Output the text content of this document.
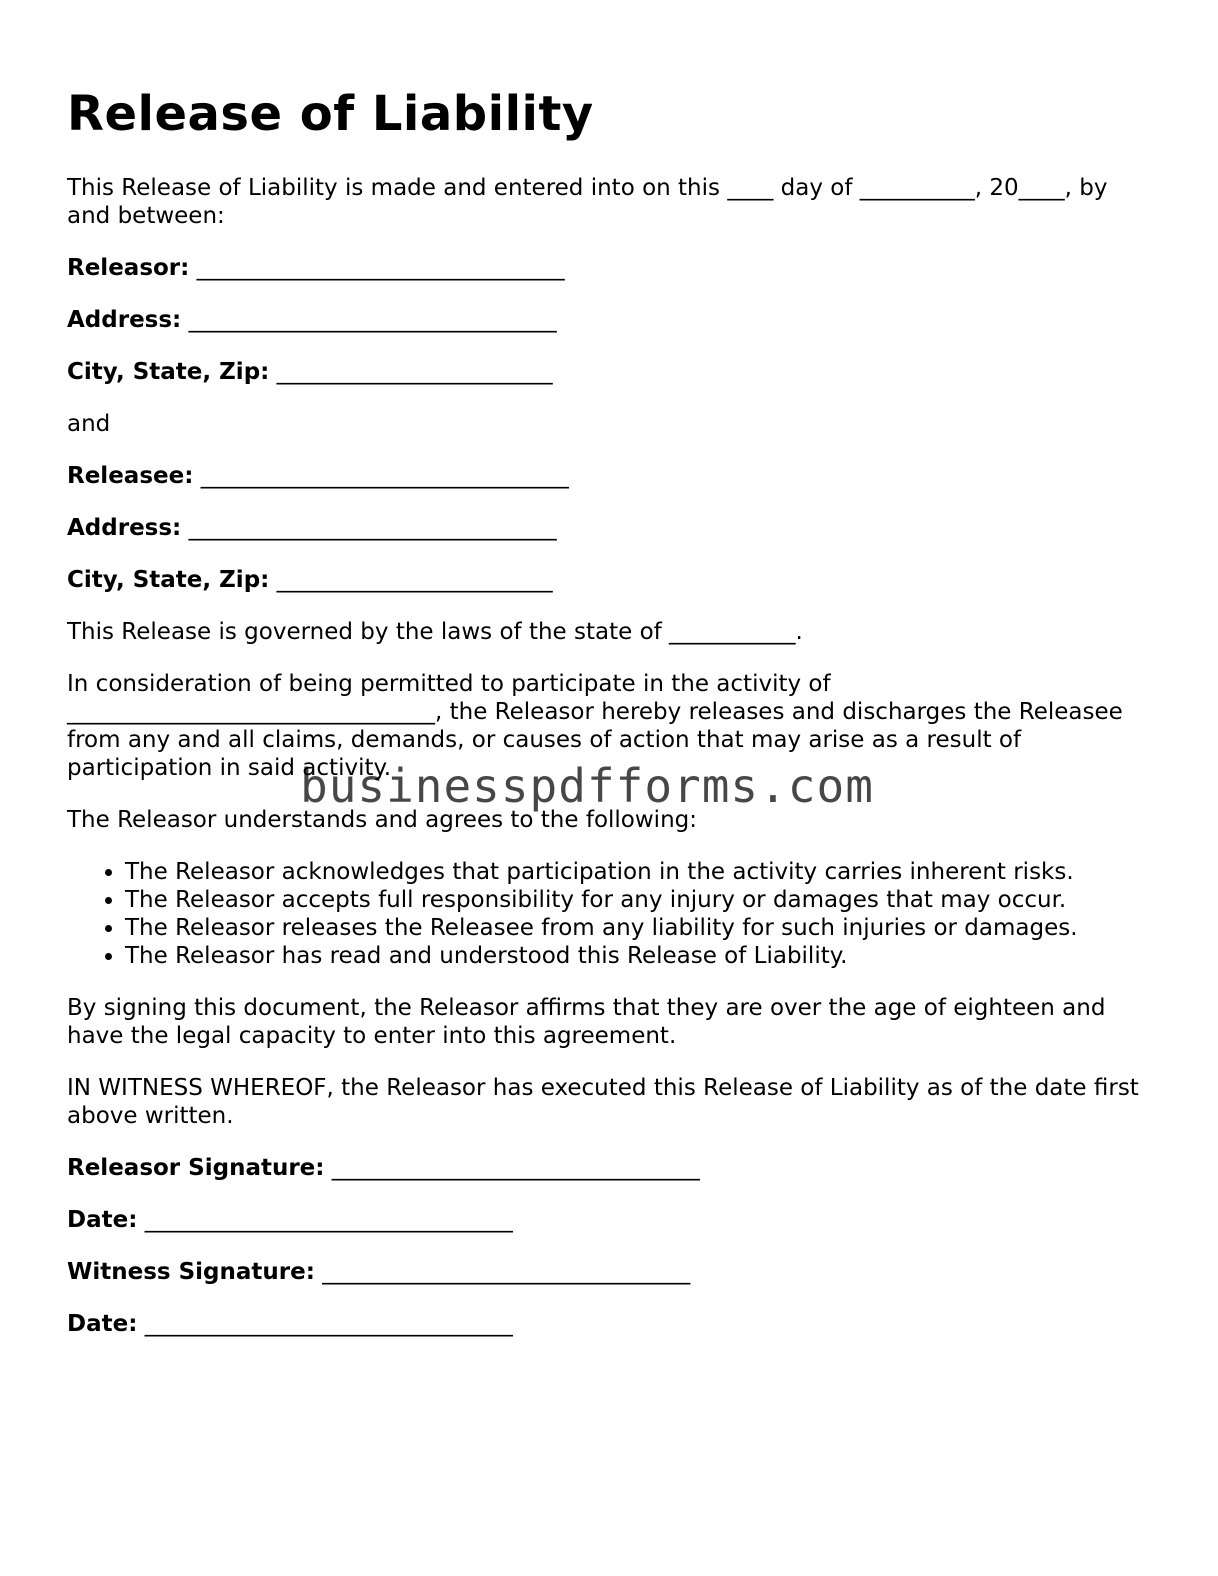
Release of Liability

This Release of Liability is made and entered into on this ____ day of __________, 20____, by and between:

Releasor: ________________________________
Address: ________________________________
City, State, Zip: ________________________

and

Releasee: ________________________________
Address: ________________________________
City, State, Zip: ________________________

This Release is governed by the laws of the state of ___________.

In consideration of being permitted to participate in the activity of ________________________________, the Releasor hereby releases and discharges the Releasee from any and all claims, demands, or causes of action that may arise as a result of participation in said activity.

The Releasor understands and agrees to the following:

• The Releasor acknowledges that participation in the activity carries inherent risks.
• The Releasor accepts full responsibility for any injury or damages that may occur.
• The Releasor releases the Releasee from any liability for such injuries or damages.
• The Releasor has read and understood this Release of Liability.

By signing this document, the Releasor affirms that they are over the age of eighteen and have the legal capacity to enter into this agreement.

IN WITNESS WHEREOF, the Releasor has executed this Release of Liability as of the date first above written.

Releasor Signature: ________________________________
Date: ________________________________
Witness Signature: ________________________________
Date: ________________________________
businesspdfforms.com
